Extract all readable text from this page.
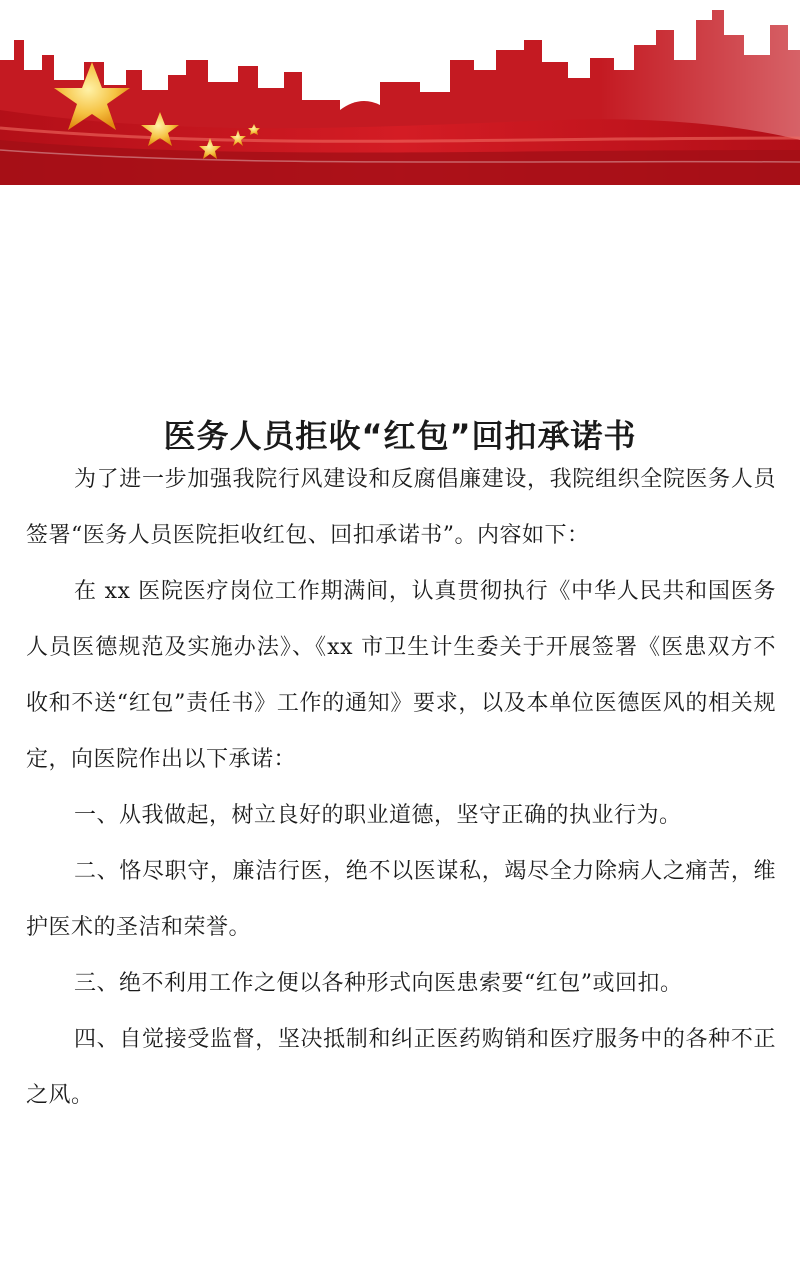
医务人员拒收“红包”回扣承诺书

为了进一步加强我院行风建设和反腐倡廉建设，我院组织全院医务人员签署“医务人员医院拒收红包、回扣承诺书”。内容如下：

在 xx 医院医疗岗位工作期满间，认真贯彻执行《中华人民共和国医务人员医德规范及实施办法》、《xx 市卫生计生委关于开展签署《医患双方不收和不送“红包”责任书》工作的通知》要求，以及本单位医德医风的相关规定，向医院作出以下承诺：

一、从我做起，树立良好的职业道德，坚守正确的执业行为。

二、恪尽职守，廉洁行医，绝不以医谋私，竭尽全力除病人之痛苦，维护医术的圣洁和荣誉。

三、绝不利用工作之便以各种形式向医患索要“红包”或回扣。

四、自觉接受监督，坚决抵制和纠正医药购销和医疗服务中的各种不正之风。
